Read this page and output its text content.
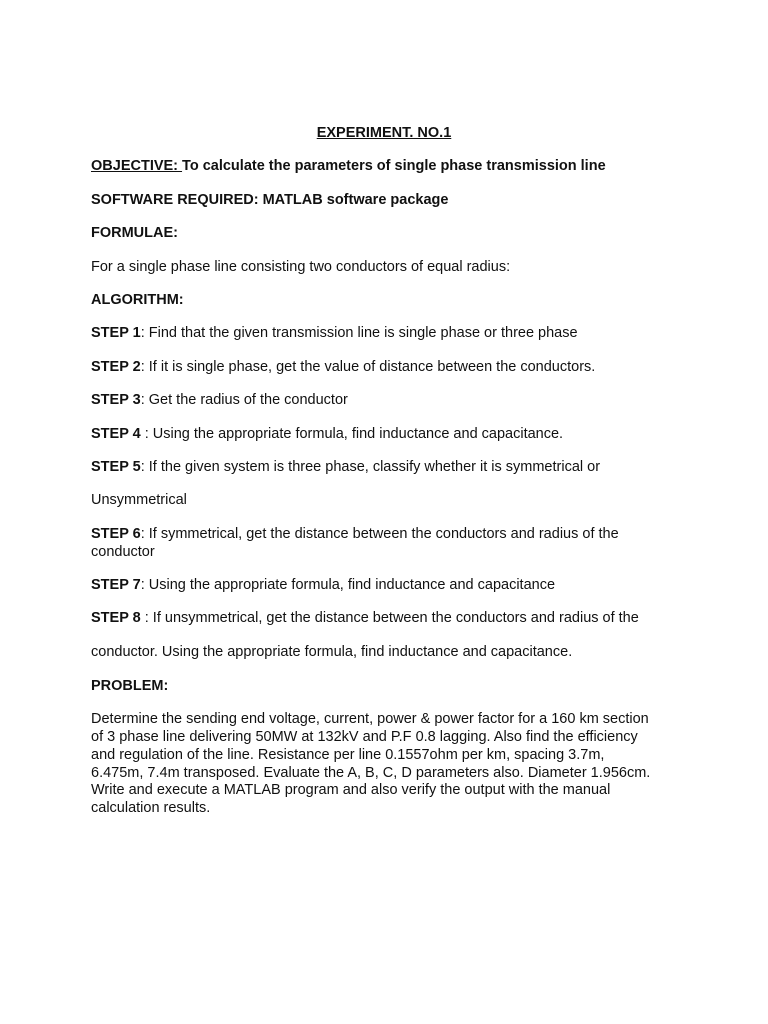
EXPERIMENT. NO.1
OBJECTIVE: To calculate the parameters of single phase transmission line
SOFTWARE REQUIRED: MATLAB software package
FORMULAE:
For a single phase line consisting two conductors of equal radius:
ALGORITHM:
STEP 1: Find that the given transmission line is single phase or three phase
STEP 2: If it is single phase, get the value of distance between the conductors.
STEP 3: Get the radius of the conductor
STEP 4 : Using the appropriate formula, find inductance and capacitance.
STEP 5: If the given system is three phase, classify whether it is symmetrical or
Unsymmetrical
STEP 6: If symmetrical, get the distance between the conductors and radius of the
conductor
STEP 7: Using the appropriate formula, find inductance and capacitance
STEP 8 : If unsymmetrical, get the distance between the conductors and radius of the
conductor. Using the appropriate formula, find inductance and capacitance.
PROBLEM:
Determine the sending end voltage, current, power & power factor for a 160 km section
of 3 phase line delivering 50MW at 132kV and P.F 0.8 lagging. Also find the efficiency
and regulation of the line. Resistance per line 0.1557ohm per km, spacing 3.7m,
6.475m, 7.4m transposed. Evaluate the A, B, C, D parameters also. Diameter 1.956cm.
Write and execute a MATLAB program and also verify the output with the manual
calculation results.
